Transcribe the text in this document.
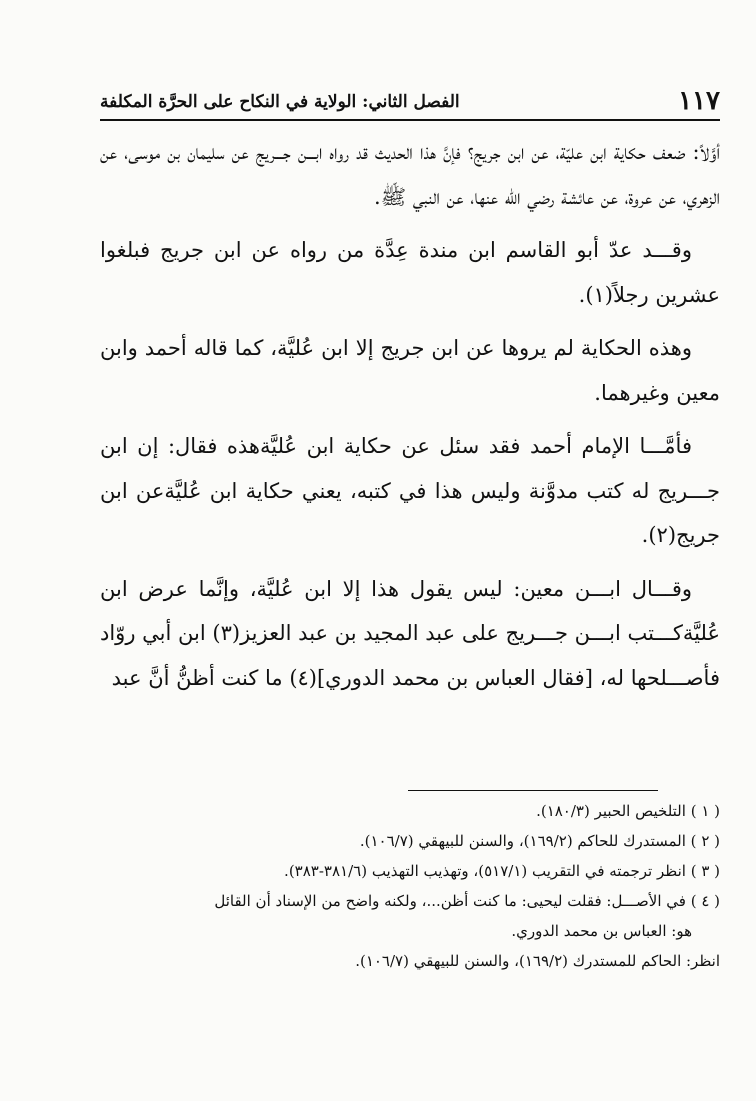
١١٧
الفصل الثاني: الولاية في النكاح على الحرَّة المكلفة

أوَّلاً: ضعف حكاية ابن عليّة، عن ابن جريج؟ فإنَّ هذا الحديث قد رواه ابـــن جـــريج عن سليمان بن موسى، عن الزهري، عن عروة، عن عائشة رضي الله عنها، عن النبي ﷺ.

وقـــد عدّ أبو القاسم ابن مندة عِدَّة من رواه عن ابن جريج فبلغوا عشرين رجلاً(١).

وهذه الحكاية لم يروها عن ابن جريج إلا ابن عُليَّة، كما قاله أحمد وابن معين وغيرهما.

فأمَّـــا الإمام أحمد فقد سئل عن حكاية ابن عُليَّةهذه فقال: إن ابن جـــريج له كتب مدوَّنة وليس هذا في كتبه، يعني حكاية ابن عُليَّةعن ابن جريج(٢).

وقـــال ابـــن معين: ليس يقول هذا إلا ابن عُليَّة، وإنَّما عرض ابن عُليَّةكـــتب ابـــن جـــريج على عبد المجيد بن عبد العزيز(٣) ابن أبي روّاد فأصـــلحها له، [فقال العباس بن محمد الدوري](٤) ما كنت أظنُّ أنَّ عبد

( ١ ) التلخيص الحبير (١٨٠/٣).

( ٢ ) المستدرك للحاكم (١٦٩/٢)، والسنن للبيهقي (١٠٦/٧).

( ٣ ) انظر ترجمته في التقريب (٥١٧/١)، وتهذيب التهذيب (٣٨١/٦-٣٨٣).

( ٤ ) في الأصـــل: فقلت ليحيى: ما كنت أظن...، ولكنه واضح من الإسناد أن القائل

هو: العباس بن محمد الدوري.

انظر: الحاكم للمستدرك (١٦٩/٢)، والسنن للبيهقي (١٠٦/٧).
